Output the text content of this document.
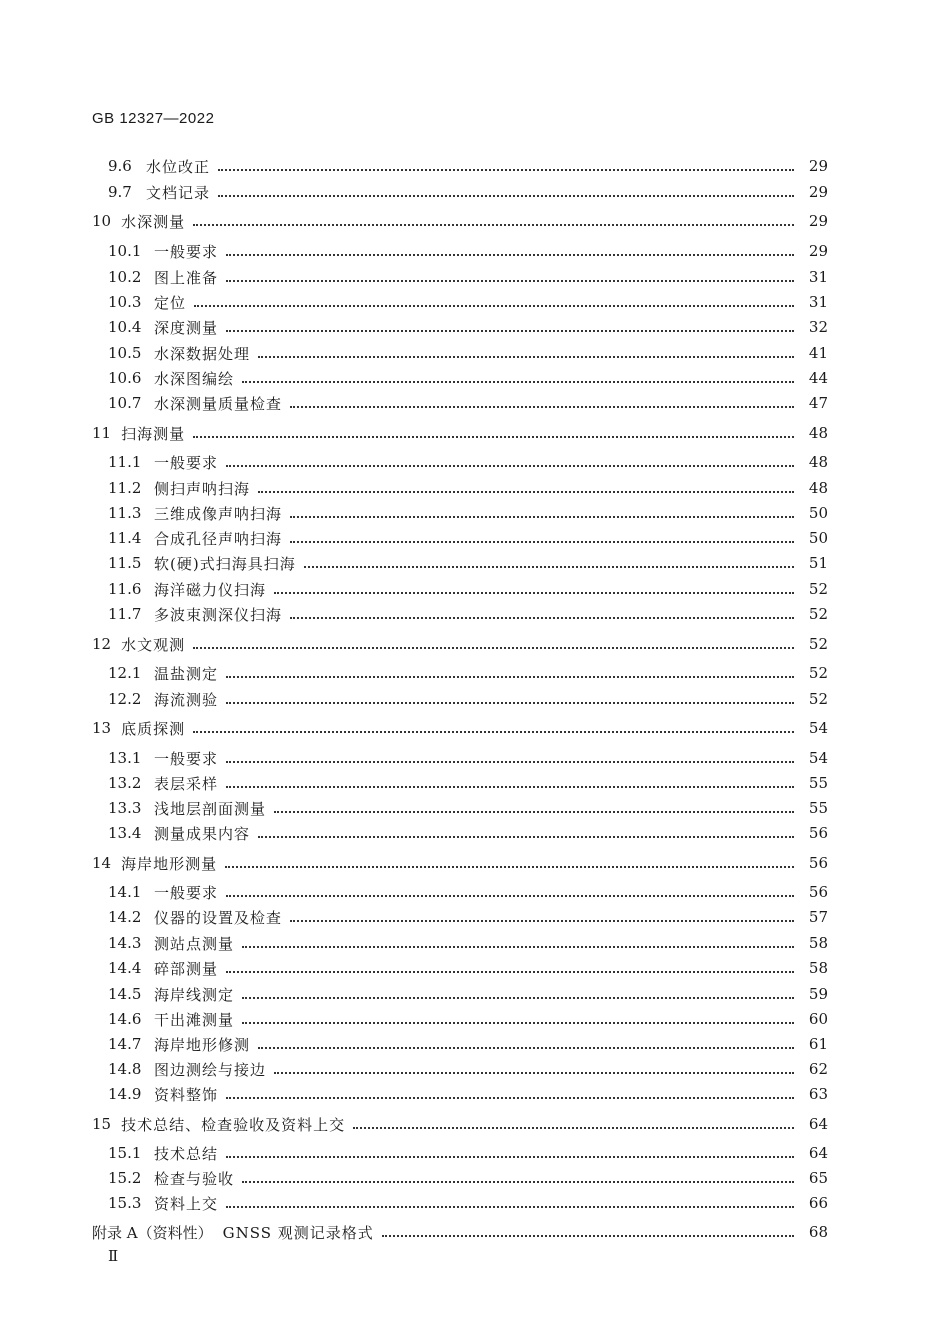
GB 12327—2022
9.6 水位改正	29
9.7 文档记录	29
10 水深测量	29
10.1 一般要求	29
10.2 图上准备	31
10.3 定位	31
10.4 深度测量	32
10.5 水深数据处理	41
10.6 水深图编绘	44
10.7 水深测量质量检查	47
11 扫海测量	48
11.1 一般要求	48
11.2 侧扫声呐扫海	48
11.3 三维成像声呐扫海	50
11.4 合成孔径声呐扫海	50
11.5 软(硬)式扫海具扫海	51
11.6 海洋磁力仪扫海	52
11.7 多波束测深仪扫海	52
12 水文观测	52
12.1 温盐测定	52
12.2 海流测验	52
13 底质探测	54
13.1 一般要求	54
13.2 表层采样	55
13.3 浅地层剖面测量	55
13.4 测量成果内容	56
14 海岸地形测量	56
14.1 一般要求	56
14.2 仪器的设置及检查	57
14.3 测站点测量	58
14.4 碎部测量	58
14.5 海岸线测定	59
14.6 干出滩测量	60
14.7 海岸地形修测	61
14.8 图边测绘与接边	62
14.9 资料整饰	63
15 技术总结、检查验收及资料上交	64
15.1 技术总结	64
15.2 检查与验收	65
15.3 资料上交	66
附录 A（资料性） GNSS 观测记录格式	68
Ⅱ
